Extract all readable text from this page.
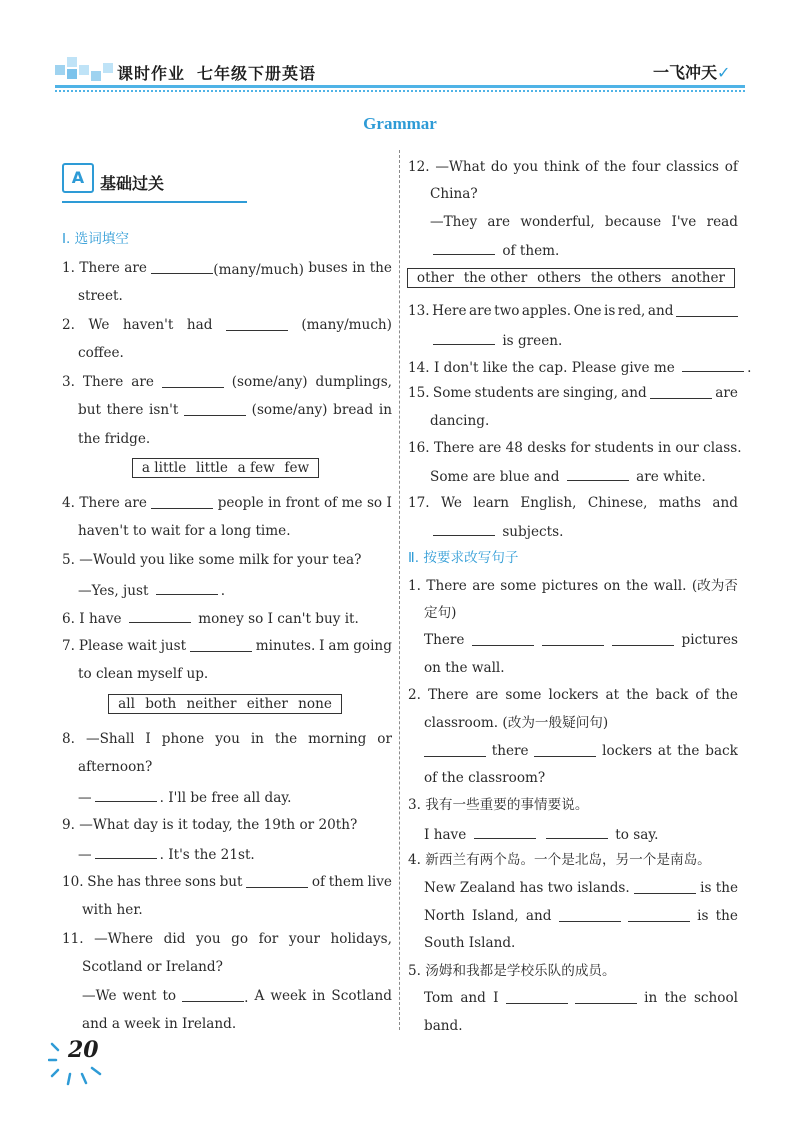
课时作业 七年级下册英语	一飞冲天✓
Grammar
A 基础过关
Ⅰ. 选词填空
1. There are	(many/much) buses in the
street.
2. We haven't had	(many/much)
coffee.
3. There are	(some/any) dumplings,
but there isn't	(some/any) bread in
the fridge.
4. There are	people in front of me so I
haven't to wait for a long time.
5. —Would you like some milk for your tea?
—Yes, just	.
6. I have	money so I can't buy it.
7. Please wait just	minutes. I am going
to clean myself up.
8. —Shall I phone you in the morning or
afternoon?
—	. I'll be free all day.
9. —What day is it today, the 19th or 20th?
—	. It's the 21st.
10. She has three sons but	of them live
with her.
11. —Where did you go for your holidays,
Scotland or Ireland?
—We went to	. A week in Scotland
and a week in Ireland.
a little little a few few
all both neither either none
other the other others the others another
Ⅱ. 按要求改写句子
12. —What do you think of the four classics of
China?
—They are wonderful, because I've read
of them.
13. Here are two apples. One is red, and
is green.
14. I don't like the cap. Please give me	.
15. Some students are singing, and	are
dancing.
16. There are 48 desks for students in our class.
Some are blue and	are white.
17. We learn English, Chinese, maths and
subjects.
1. There are some pictures on the wall. (改为否
定句)
There	pictures
on the wall.
2. There are some lockers at the back of the
classroom. (改为一般疑问句)
there	lockers at the back
of the classroom?
3. 我有一些重要的事情要说。
I have	to say.
4. 新西兰有两个岛。一个是北岛，另一个是南岛。
New Zealand has two islands.	is the
North Island, and	is the
South Island.
5. 汤姆和我都是学校乐队的成员。
Tom and I	in the school
band.
20
